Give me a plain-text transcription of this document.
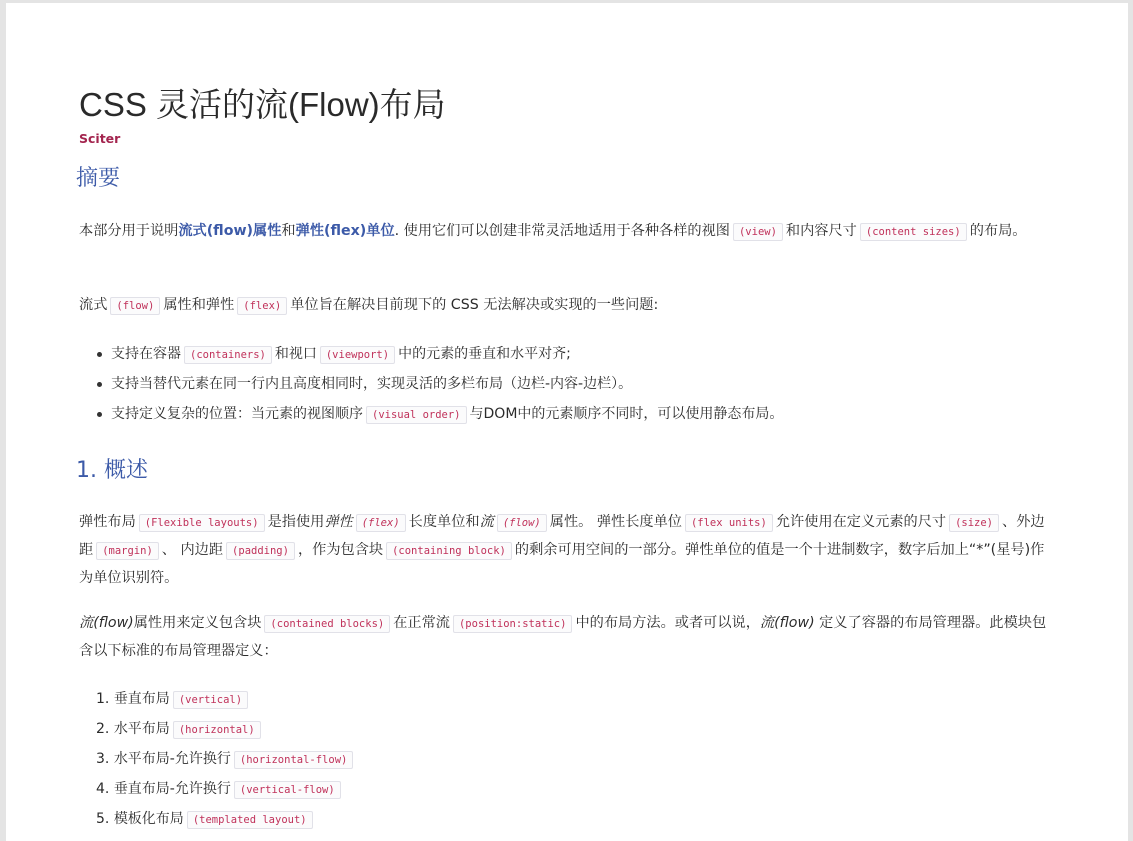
CSS 灵活的流(Flow)布局
Sciter
摘要

本部分用于说明流式(flow)属性和弹性(flex)单位. 使用它们可以创建非常灵活地适用于各种各样的视图 (view) 和内容尺寸 (content sizes) 的布局。

流式 (flow) 属性和弹性 (flex) 单位旨在解决目前现下的 CSS 无法解决或实现的一些问题:

支持在容器 (containers) 和视口 (viewport) 中的元素的垂直和水平对齐;
支持当替代元素在同一行内且高度相同时，实现灵活的多栏布局（边栏-内容-边栏）。
支持定义复杂的位置：当元素的视图顺序 (visual order) 与DOM中的元素顺序不同时，可以使用静态布局。
1. 概述

弹性布局 (Flexible layouts) 是指使用弹性 (flex) 长度单位和流 (flow) 属性。 弹性长度单位 (flex units) 允许使用在定义元素的尺寸 (size) 、外边距 (margin) 、 内边距 (padding) ，作为包含块 (containing block) 的剩余可用空间的一部分。弹性单位的值是一个十进制数字，数字后加上“*”(星号)作为单位识别符。

流(flow)属性用来定义包含块 (contained blocks) 在正常流 (position:static) 中的布局方法。或者可以说，流(flow) 定义了容器的布局管理器。此模块包含以下标准的布局管理器定义：

1. 垂直布局 (vertical)
2. 水平布局 (horizontal)
3. 水平布局-允许换行 (horizontal-flow)
4. 垂直布局-允许换行 (vertical-flow)
5. 模板化布局 (templated layout)
